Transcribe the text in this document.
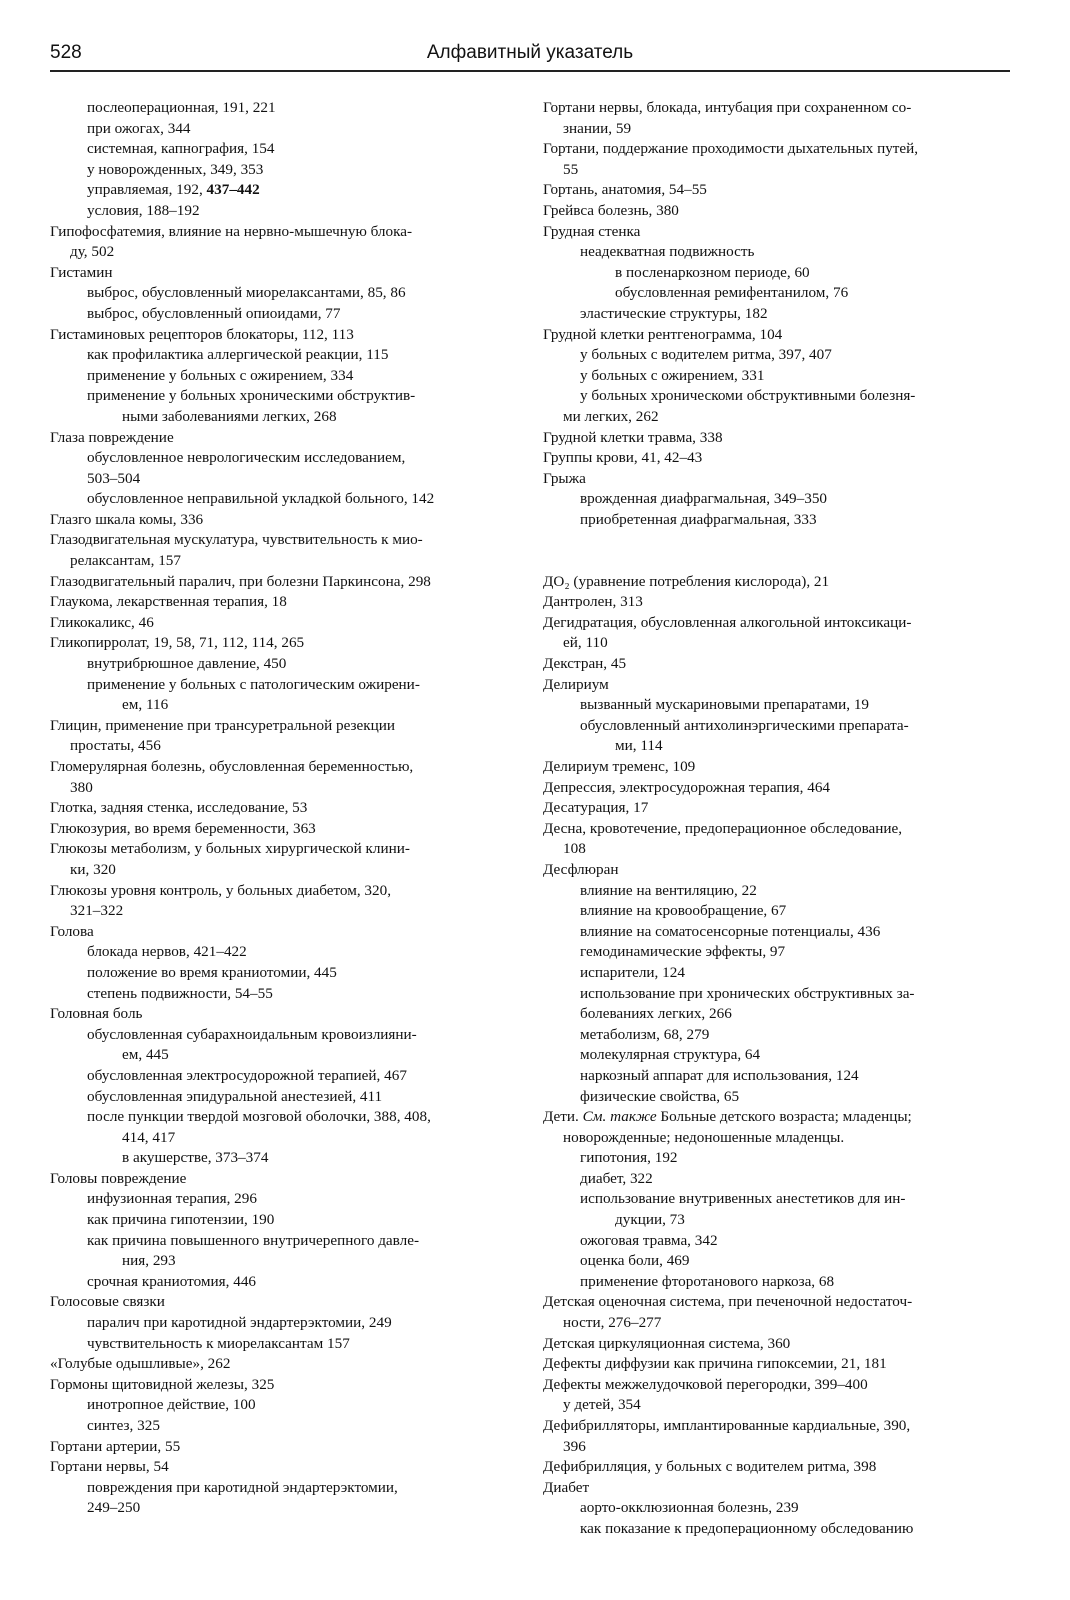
528	Алфавитный указатель
послеоперационная, 191, 221
при ожогах, 344
системная, капнография, 154
у новорожденных, 349, 353
управляемая, 192, 437–442
условия, 188–192
Гипофосфатемия, влияние на нервно-мышечную блока-
ду, 502
Гистамин
выброс, обусловленный миорелаксантами, 85, 86
выброс, обусловленный опиоидами, 77
Гистаминовых рецепторов блокаторы, 112, 113
как профилактика аллергической реакции, 115
применение у больных с ожирением, 334
применение у больных хроническими обструктив-
ными заболеваниями легких, 268
Глаза повреждение
обусловленное неврологическим исследованием,
503–504
обусловленное неправильной укладкой больного, 142
Глазго шкала комы, 336
Глазодвигательная мускулатура, чувствительность к мио-
релаксантам, 157
Глазодвигательный паралич, при болезни Паркинсона, 298
Глаукома, лекарственная терапия, 18
Гликокаликс, 46
Гликопирролат, 19, 58, 71, 112, 114, 265
внутрибрюшное давление, 450
применение у больных с патологическим ожирени-
ем, 116
Глицин, применение при трансуретральной резекции
простаты, 456
Гломерулярная болезнь, обусловленная беременностью,
380
Глотка, задняя стенка, исследование, 53
Глюкозурия, во время беременности, 363
Глюкозы метаболизм, у больных хирургической клини-
ки, 320
Глюкозы уровня контроль, у больных диабетом, 320,
321–322
Голова
блокада нервов, 421–422
положение во время краниотомии, 445
степень подвижности, 54–55
Головная боль
обусловленная субарахноидальным кровоизлияни-
ем, 445
обусловленная электросудорожной терапией, 467
обусловленная эпидуральной анестезией, 411
после пункции твердой мозговой оболочки, 388, 408,
414, 417
в акушерстве, 373–374
Головы повреждение
инфузионная терапия, 296
как причина гипотензии, 190
как причина повышенного внутричерепного давле-
ния, 293
срочная краниотомия, 446
Голосовые связки
паралич при каротидной эндартерэктомии, 249
чувствительность к миорелаксантам 157
«Голубые одышливые», 262
Гормоны щитовидной железы, 325
инотропное действие, 100
синтез, 325
Гортани артерии, 55
Гортани нервы, 54
повреждения при каротидной эндартерэктомии,
249–250
Гортани нервы, блокада, интубация при сохраненном со-
знании, 59
Гортани, поддержание проходимости дыхательных путей,
55
Гортань, анатомия, 54–55
Грейвса болезнь, 380
Грудная стенка
неадекватная подвижность
в посленаркозном периоде, 60
обусловленная ремифентанилом, 76
эластические структуры, 182
Грудной клетки рентгенограмма, 104
у больных с водителем ритма, 397, 407
у больных с ожирением, 331
у больных хроническоми обструктивными болезня-
ми легких, 262
Грудной клетки травма, 338
Группы крови, 41, 42–43
Грыжа
врожденная диафрагмальная, 349–350
приобретенная диафрагмальная, 333
ДО₂ (уравнение потребления кислорода), 21
Дантролен, 313
Дегидратация, обусловленная алкогольной интоксикаци-
ей, 110
Декстран, 45
Делириум
вызванный мускариновыми препаратами, 19
обусловленный антихолинэргическими препарата-
ми, 114
Делириум тременс, 109
Депрессия, электросудорожная терапия, 464
Десатурация, 17
Десна, кровотечение, предоперационное обследование,
108
Десфлюран
влияние на вентиляцию, 22
влияние на кровообращение, 67
влияние на соматосенсорные потенциалы, 436
гемодинамические эффекты, 97
испарители, 124
использование при хронических обструктивных за-
болеваниях легких, 266
метаболизм, 68, 279
молекулярная структура, 64
наркозный аппарат для использования, 124
физические свойства, 65
Дети. См. также Больные детского возраста; младенцы;
новорожденные; недоношенные младенцы.
гипотония, 192
диабет, 322
использование внутривенных анестетиков для ин-
дукции, 73
ожоговая травма, 342
оценка боли, 469
применение фторотанового наркоза, 68
Детская оценочная система, при печеночной недостаточ-
ности, 276–277
Детская циркуляционная система, 360
Дефекты диффузии как причина гипоксемии, 21, 181
Дефекты межжелудочковой перегородки, 399–400
у детей, 354
Дефибрилляторы, имплантированные кардиальные, 390,
396
Дефибрилляция, у больных с водителем ритма, 398
Диабет
аорто-окклюзионная болезнь, 239
как показание к предоперационному обследованию
